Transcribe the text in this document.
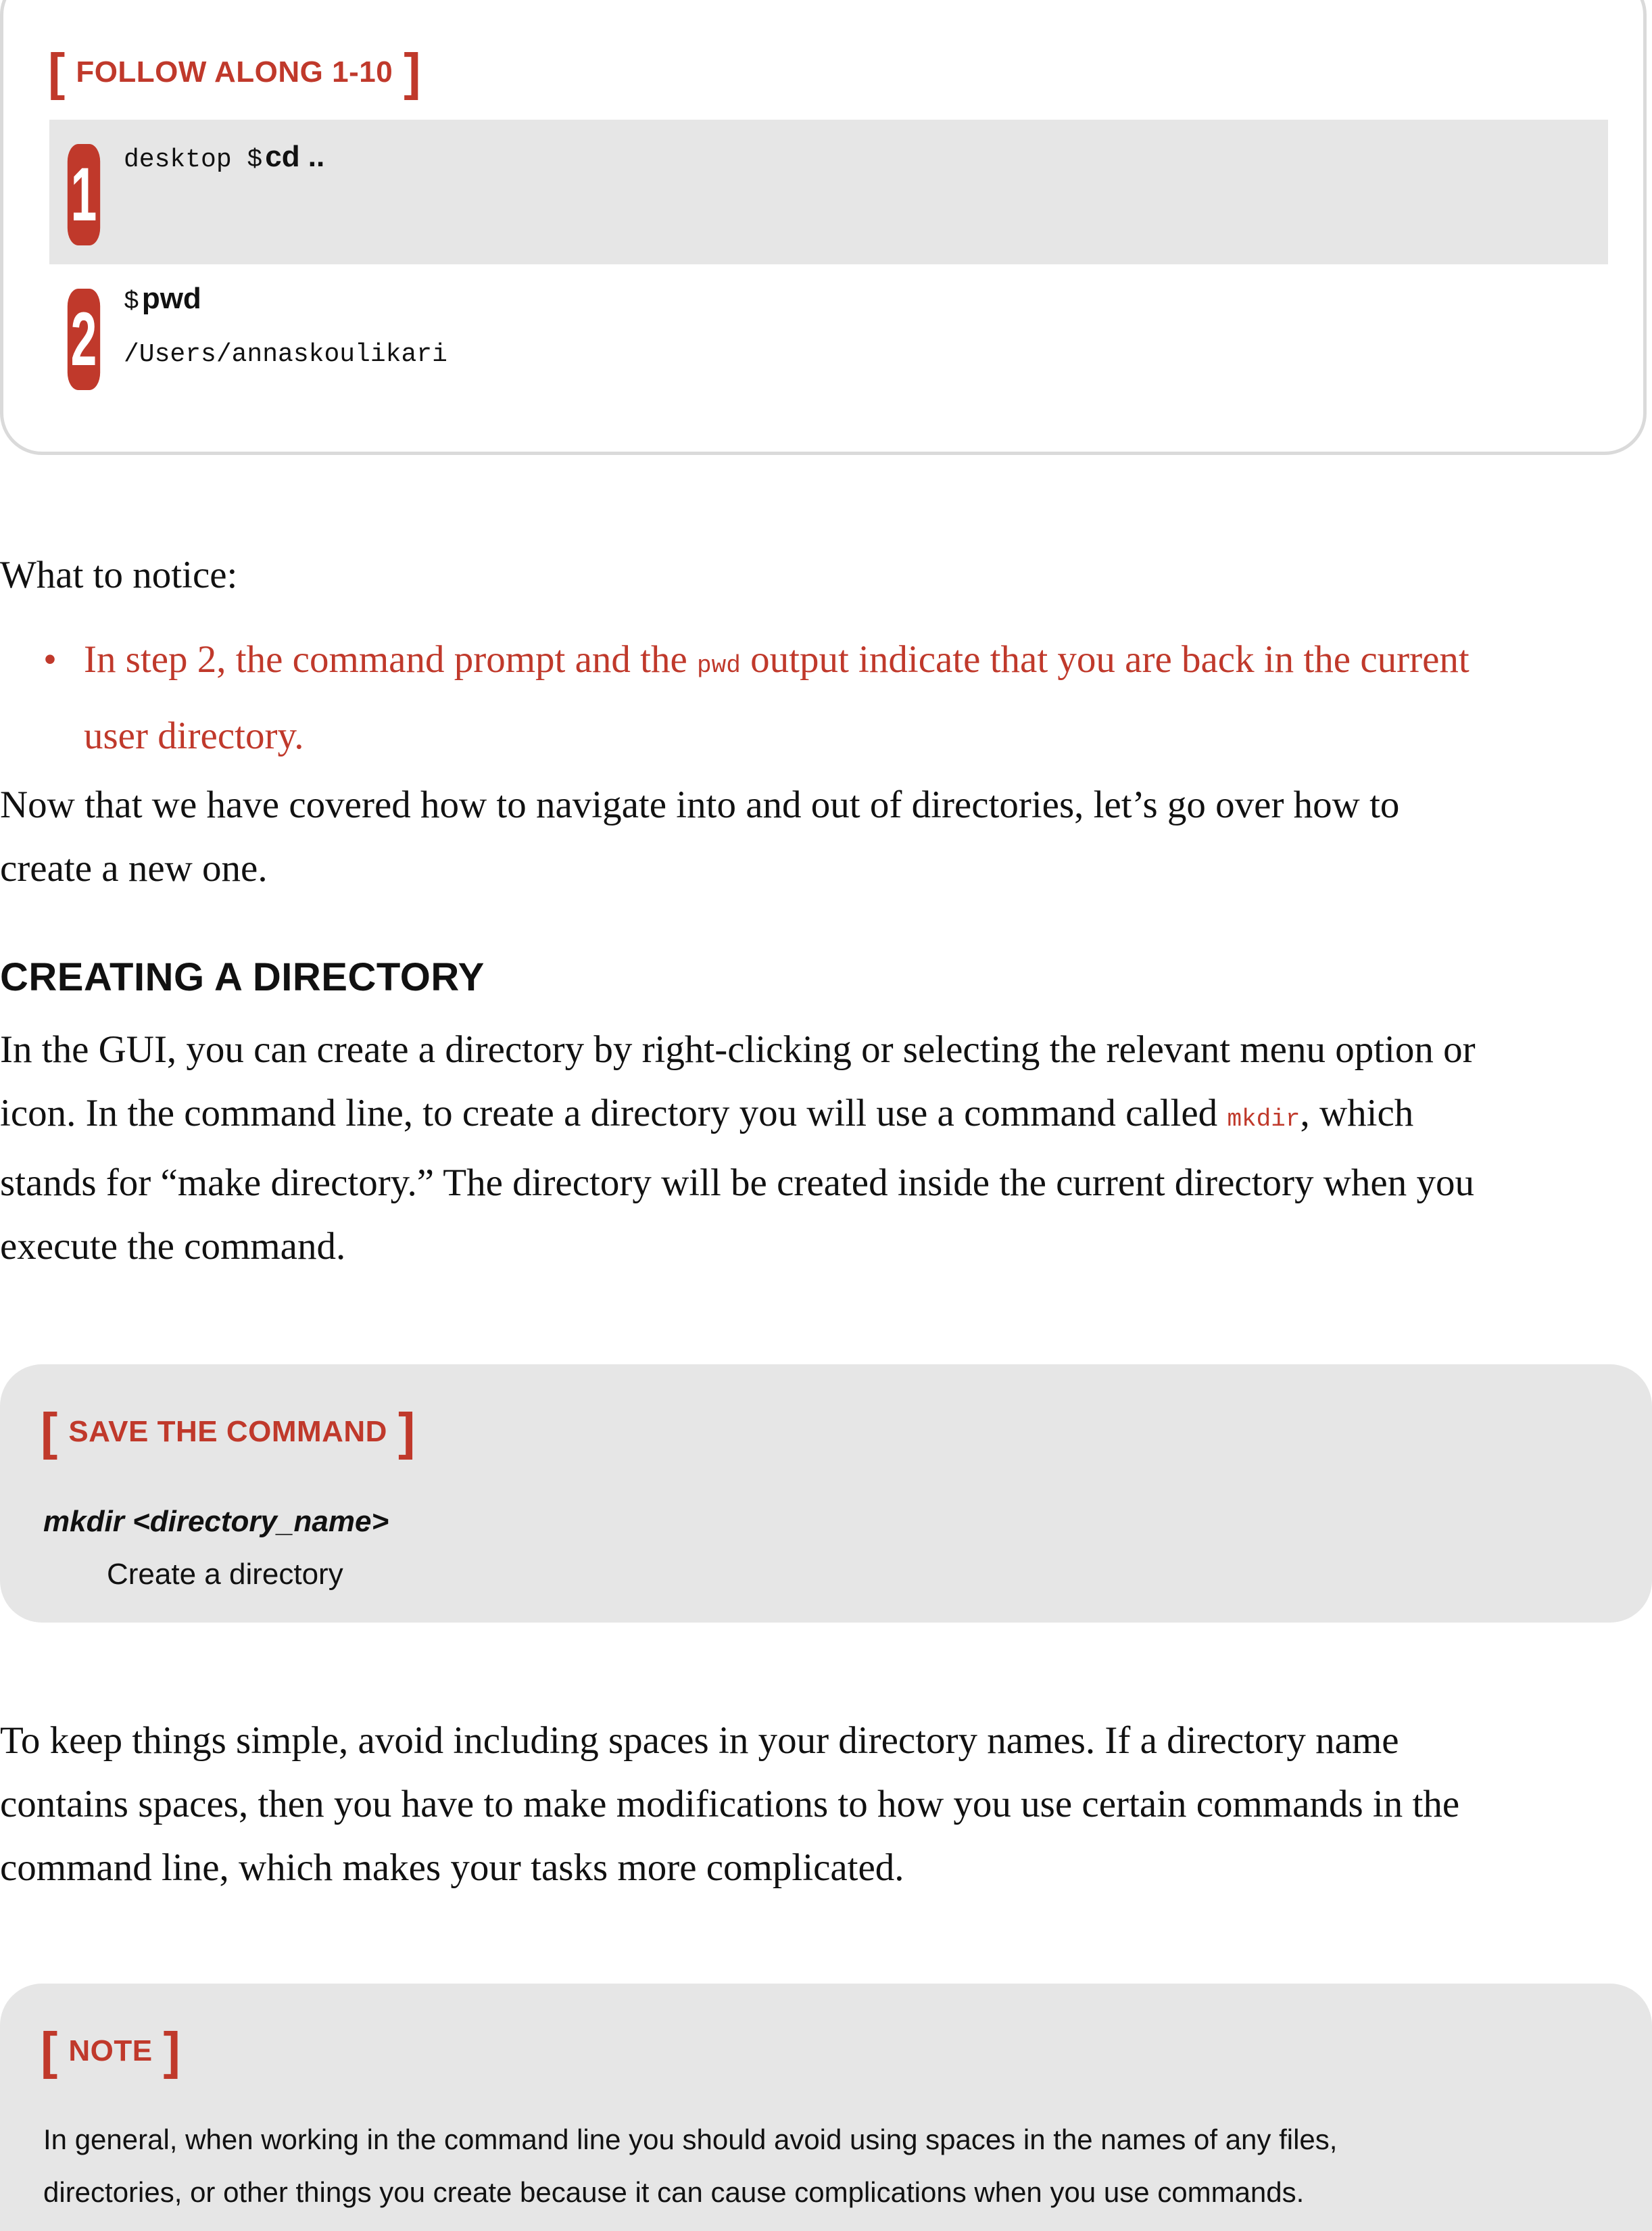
[ FOLLOW ALONG 1-10 ]
1 desktop $ cd ..
2 $ pwd
/Users/annaskoulikari
What to notice:
• In step 2, the command prompt and the pwd output indicate that you are back in the current
user directory.
Now that we have covered how to navigate into and out of directories, let’s go over how to
create a new one.
CREATING A DIRECTORY
In the GUI, you can create a directory by right-clicking or selecting the relevant menu option or
icon. In the command line, to create a directory you will use a command called mkdir, which
stands for “make directory.” The directory will be created inside the current directory when you
execute the command.
[ SAVE THE COMMAND ]
mkdir <directory_name>
Create a directory
To keep things simple, avoid including spaces in your directory names. If a directory name
contains spaces, then you have to make modifications to how you use certain commands in the
command line, which makes your tasks more complicated.
[ NOTE ]
In general, when working in the command line you should avoid using spaces in the names of any files,
directories, or other things you create because it can cause complications when you use commands.
